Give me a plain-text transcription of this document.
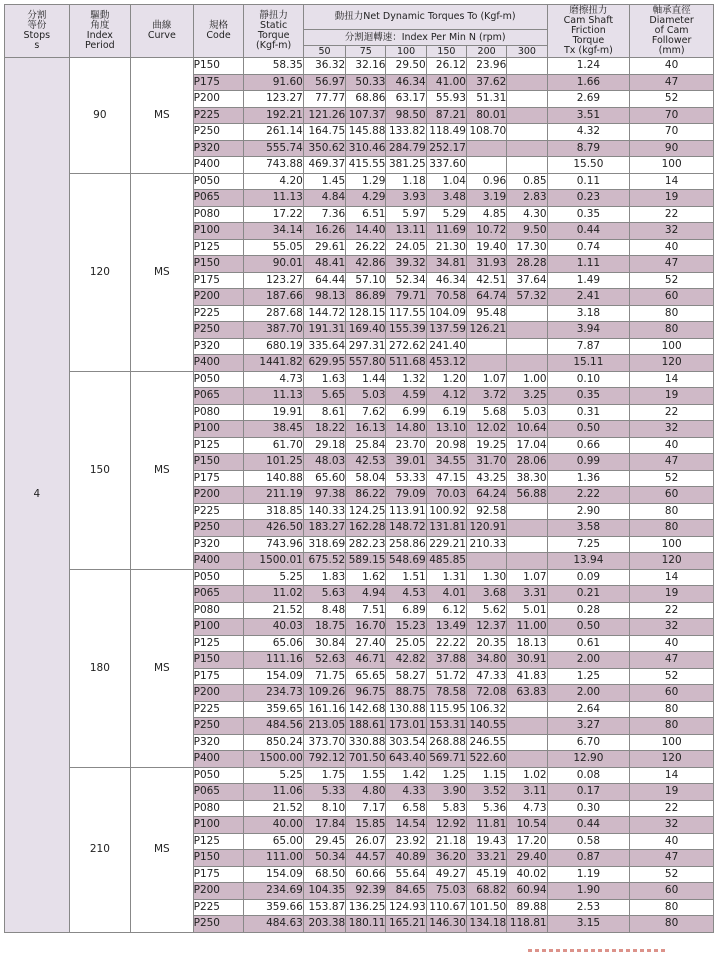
分割
等份
Stops
s	驅動
角度
Index
Period	曲線
Curve	規格
Code	靜扭力
Static
Torque
(Kgf-m)	動扭力Net Dynamic Torques To (Kgf-m)						磨擦扭力
Cam Shaft
Friction
Torque
Tx (kgf-m)	軸承直徑
Diameter
of Cam
Follower
(mm)

					分割迴轉速：Index Per Min N (rpm)							
					50	75	100	150	200	300		
4	90	MS	P150	58.35	36.32	32.16	29.50	26.12	23.96		1.24	40
			P175	91.60	56.97	50.33	46.34	41.00	37.62		1.66	47
			P200	123.27	77.77	68.86	63.17	55.93	51.31		2.69	52
			P225	192.21	121.26	107.37	98.50	87.21	80.01		3.51	70
			P250	261.14	164.75	145.88	133.82	118.49	108.70		4.32	70
			P320	555.74	350.62	310.46	284.79	252.17			8.79	90
			P400	743.88	469.37	415.55	381.25	337.60			15.50	100
	120	MS	P050	4.20	1.45	1.29	1.18	1.04	0.96	0.85	0.11	14
			P065	11.13	4.84	4.29	3.93	3.48	3.19	2.83	0.23	19
			P080	17.22	7.36	6.51	5.97	5.29	4.85	4.30	0.35	22
			P100	34.14	16.26	14.40	13.11	11.69	10.72	9.50	0.44	32
			P125	55.05	29.61	26.22	24.05	21.30	19.40	17.30	0.74	40
			P150	90.01	48.41	42.86	39.32	34.81	31.93	28.28	1.11	47
			P175	123.27	64.44	57.10	52.34	46.34	42.51	37.64	1.49	52
			P200	187.66	98.13	86.89	79.71	70.58	64.74	57.32	2.41	60
			P225	287.68	144.72	128.15	117.55	104.09	95.48		3.18	80
			P250	387.70	191.31	169.40	155.39	137.59	126.21		3.94	80
			P320	680.19	335.64	297.31	272.62	241.40			7.87	100
			P400	1441.82	629.95	557.80	511.68	453.12			15.11	120
	150	MS	P050	4.73	1.63	1.44	1.32	1.20	1.07	1.00	0.10	14
			P065	11.13	5.65	5.03	4.59	4.12	3.72	3.25	0.35	19
			P080	19.91	8.61	7.62	6.99	6.19	5.68	5.03	0.31	22
			P100	38.45	18.22	16.13	14.80	13.10	12.02	10.64	0.50	32
			P125	61.70	29.18	25.84	23.70	20.98	19.25	17.04	0.66	40
			P150	101.25	48.03	42.53	39.01	34.55	31.70	28.06	0.99	47
			P175	140.88	65.60	58.04	53.33	47.15	43.25	38.30	1.36	52
			P200	211.19	97.38	86.22	79.09	70.03	64.24	56.88	2.22	60
			P225	318.85	140.33	124.25	113.91	100.92	92.58		2.90	80
			P250	426.50	183.27	162.28	148.72	131.81	120.91		3.58	80
			P320	743.96	318.69	282.23	258.86	229.21	210.33		7.25	100
			P400	1500.01	675.52	589.15	548.69	485.85			13.94	120
	180	MS	P050	5.25	1.83	1.62	1.51	1.31	1.30	1.07	0.09	14
			P065	11.02	5.63	4.94	4.53	4.01	3.68	3.31	0.21	19
			P080	21.52	8.48	7.51	6.89	6.12	5.62	5.01	0.28	22
			P100	40.03	18.75	16.70	15.23	13.49	12.37	11.00	0.50	32
			P125	65.06	30.84	27.40	25.05	22.22	20.35	18.13	0.61	40
			P150	111.16	52.63	46.71	42.82	37.88	34.80	30.91	2.00	47
			P175	154.09	71.75	65.65	58.27	51.72	47.33	41.83	1.25	52
			P200	234.73	109.26	96.75	88.75	78.58	72.08	63.83	2.00	60
			P225	359.65	161.16	142.68	130.88	115.95	106.32		2.64	80
			P250	484.56	213.05	188.61	173.01	153.31	140.55		3.27	80
			P320	850.24	373.70	330.88	303.54	268.88	246.55		6.70	100
			P400	1500.00	792.12	701.50	643.40	569.71	522.60		12.90	120
	210	MS	P050	5.25	1.75	1.55	1.42	1.25	1.15	1.02	0.08	14
			P065	11.06	5.33	4.80	4.33	3.90	3.52	3.11	0.17	19
			P080	21.52	8.10	7.17	6.58	5.83	5.36	4.73	0.30	22
			P100	40.00	17.84	15.85	14.54	12.92	11.81	10.54	0.44	32
			P125	65.00	29.45	26.07	23.92	21.18	19.43	17.20	0.58	40
			P150	111.00	50.34	44.57	40.89	36.20	33.21	29.40	0.87	47
			P175	154.09	68.50	60.66	55.64	49.27	45.19	40.02	1.19	52
			P200	234.69	104.35	92.39	84.65	75.03	68.82	60.94	1.90	60
			P225	359.66	153.87	136.25	124.93	110.67	101.50	89.88	2.53	80
			P250	484.63	203.38	180.11	165.21	146.30	134.18	118.81	3.15	80
